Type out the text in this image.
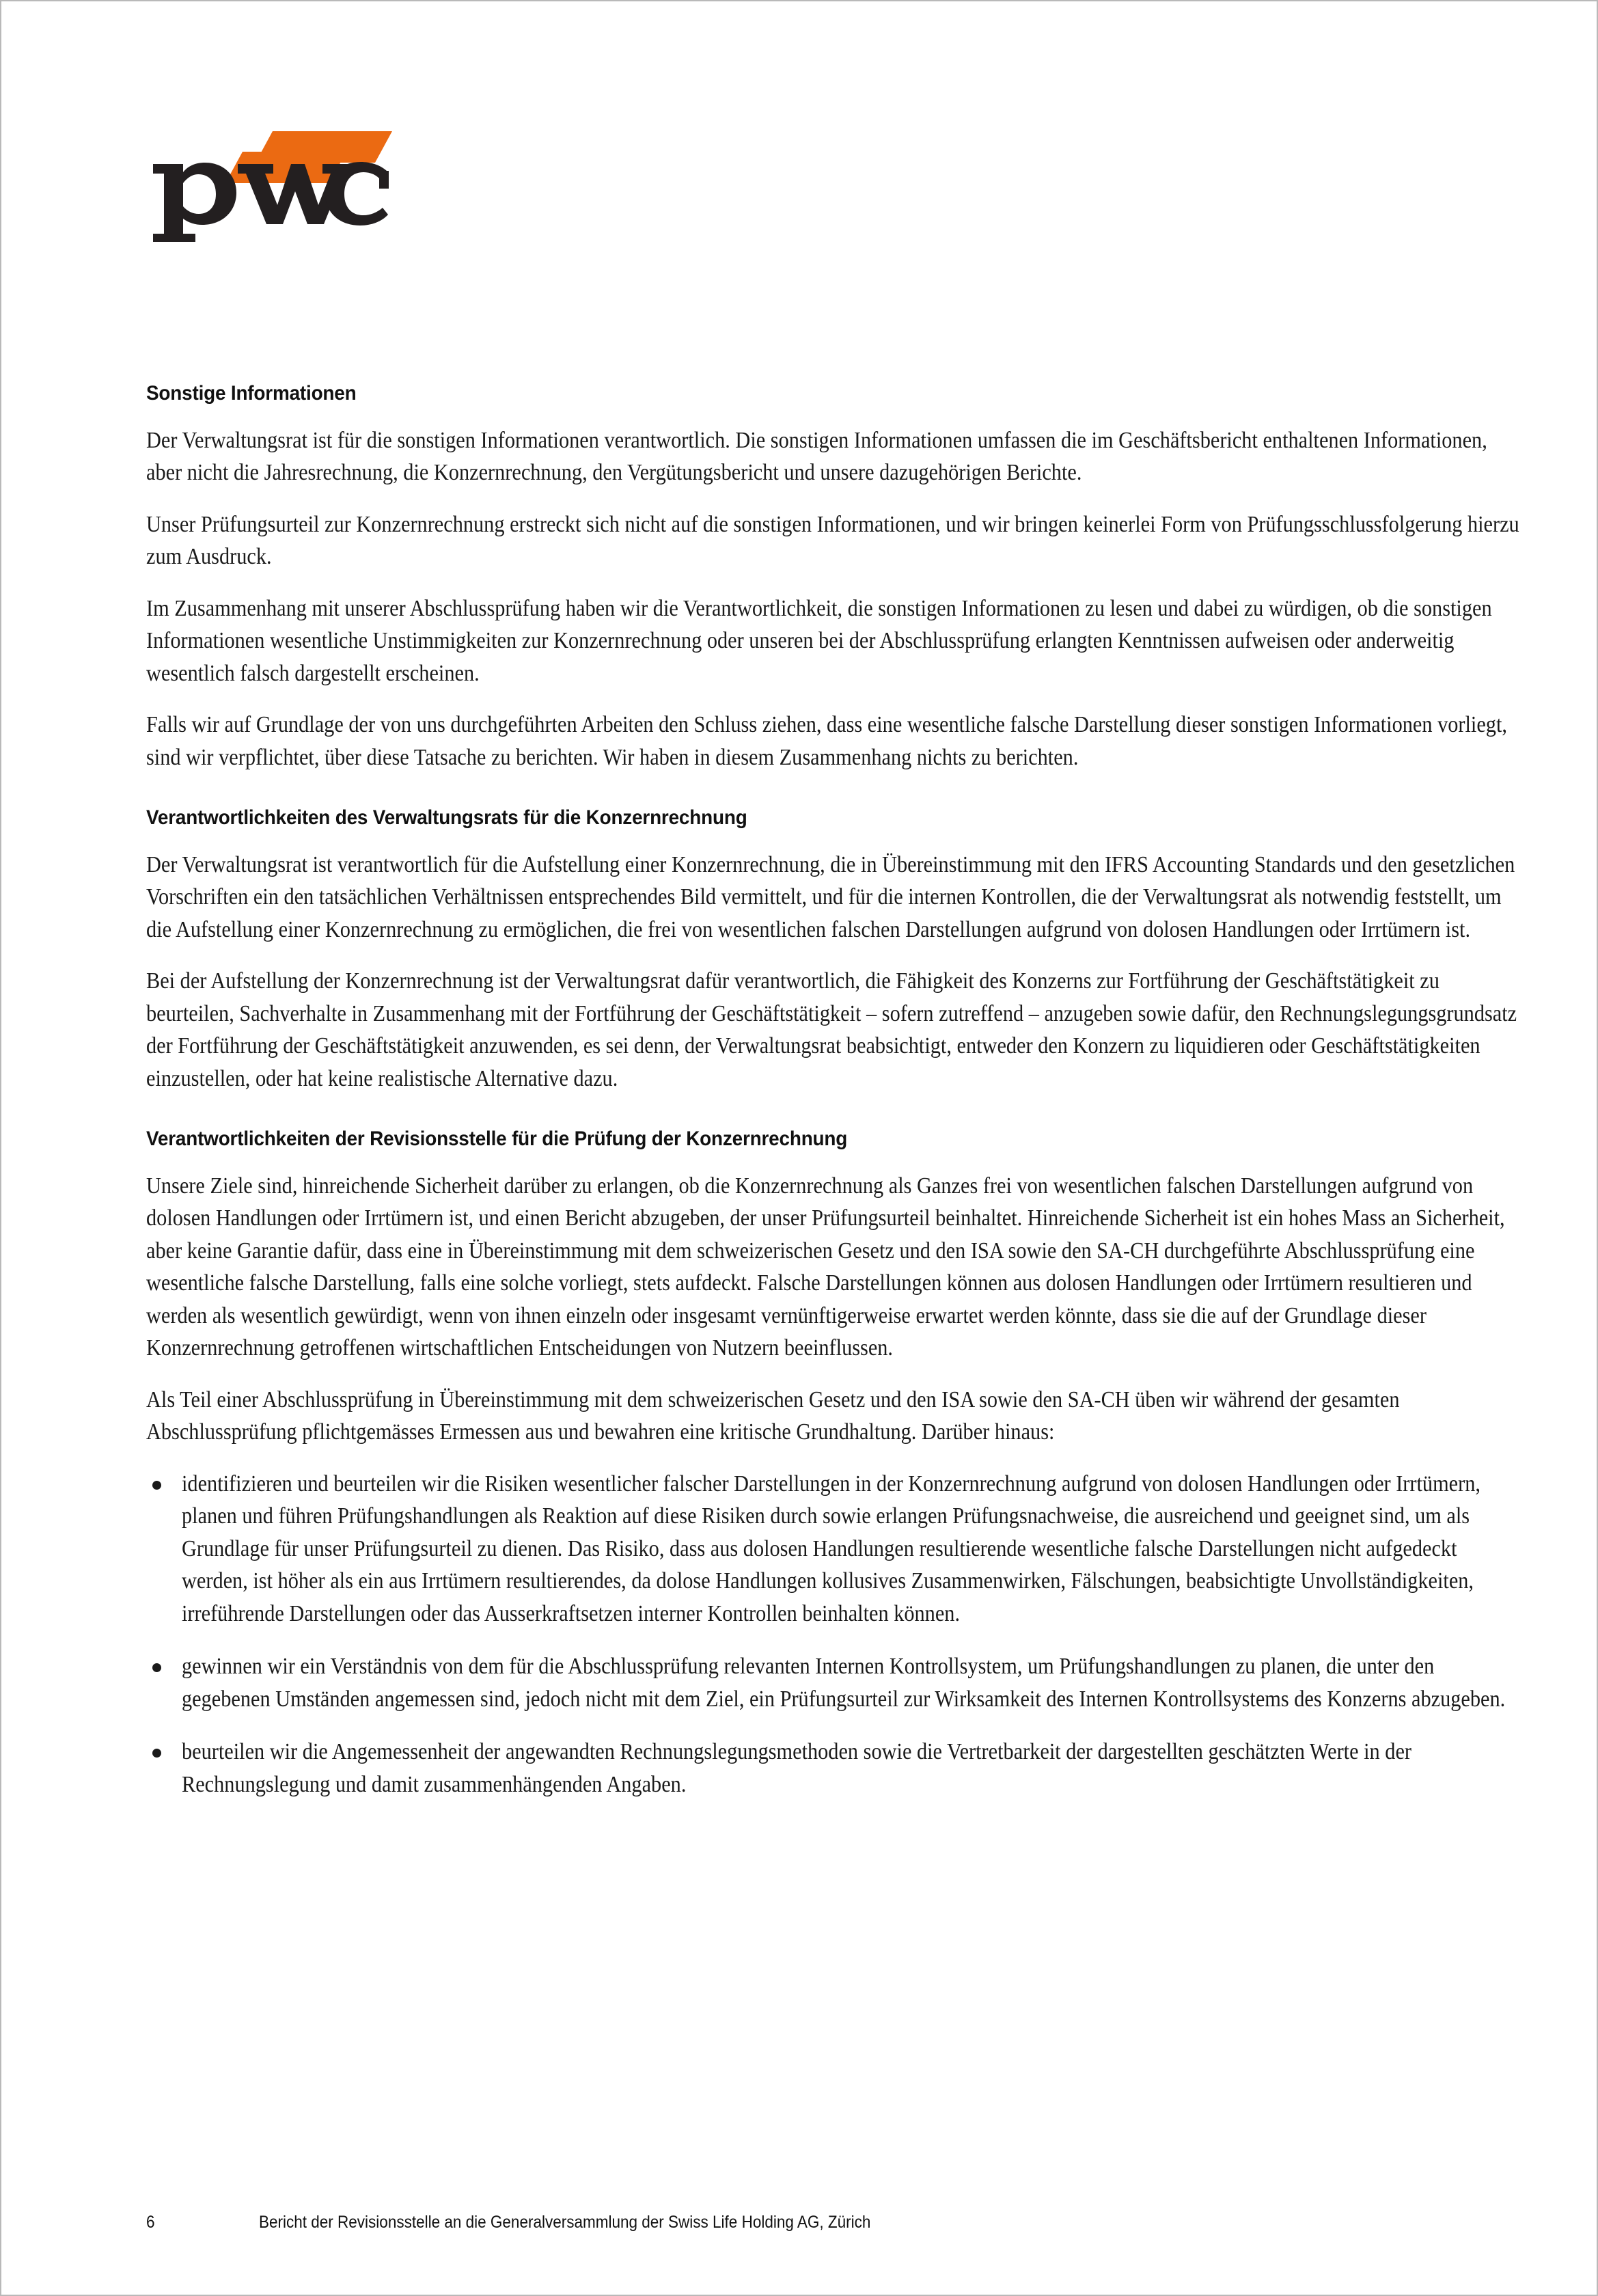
Sonstige Informationen

Der Verwaltungsrat ist für die sonstigen Informationen verantwortlich. Die sonstigen Informationen umfassen die im Geschäftsbericht enthaltenen Informationen, aber nicht die Jahresrechnung, die Konzernrechnung, den Vergütungsbericht und unsere dazugehörigen Berichte.

Unser Prüfungsurteil zur Konzernrechnung erstreckt sich nicht auf die sonstigen Informationen, und wir bringen keinerlei Form von Prüfungsschlussfolgerung hierzu zum Ausdruck.

Im Zusammenhang mit unserer Abschlussprüfung haben wir die Verantwortlichkeit, die sonstigen Informationen zu lesen und dabei zu würdigen, ob die sonstigen Informationen wesentliche Unstimmigkeiten zur Konzernrechnung oder unseren bei der Abschlussprüfung erlangten Kenntnissen aufweisen oder anderweitig wesentlich falsch dargestellt erscheinen.

Falls wir auf Grundlage der von uns durchgeführten Arbeiten den Schluss ziehen, dass eine wesentliche falsche Darstellung dieser sonstigen Informationen vorliegt, sind wir verpflichtet, über diese Tatsache zu berichten. Wir haben in diesem Zusammenhang nichts zu berichten.

Verantwortlichkeiten des Verwaltungsrats für die Konzernrechnung

Der Verwaltungsrat ist verantwortlich für die Aufstellung einer Konzernrechnung, die in Übereinstimmung mit den IFRS Accounting Standards und den gesetzlichen Vorschriften ein den tatsächlichen Verhältnissen entsprechendes Bild vermittelt, und für die internen Kontrollen, die der Verwaltungsrat als notwendig feststellt, um die Aufstellung einer Konzernrechnung zu ermöglichen, die frei von wesentlichen falschen Darstellungen aufgrund von dolosen Handlungen oder Irrtümern ist.

Bei der Aufstellung der Konzernrechnung ist der Verwaltungsrat dafür verantwortlich, die Fähigkeit des Konzerns zur Fortführung der Geschäftstätigkeit zu beurteilen, Sachverhalte in Zusammenhang mit der Fortführung der Geschäftstätigkeit – sofern zutreffend – anzugeben sowie dafür, den Rechnungslegungsgrundsatz der Fortführung der Geschäftstätigkeit anzuwenden, es sei denn, der Verwaltungsrat beabsichtigt, entweder den Konzern zu liquidieren oder Geschäftstätigkeiten einzustellen, oder hat keine realistische Alternative dazu.

Verantwortlichkeiten der Revisionsstelle für die Prüfung der Konzernrechnung

Unsere Ziele sind, hinreichende Sicherheit darüber zu erlangen, ob die Konzernrechnung als Ganzes frei von wesentlichen falschen Darstellungen aufgrund von dolosen Handlungen oder Irrtümern ist, und einen Bericht abzugeben, der unser Prüfungsurteil beinhaltet. Hinreichende Sicherheit ist ein hohes Mass an Sicherheit, aber keine Garantie dafür, dass eine in Übereinstimmung mit dem schweizerischen Gesetz und den ISA sowie den SA-CH durchgeführte Abschlussprüfung eine wesentliche falsche Darstellung, falls eine solche vorliegt, stets aufdeckt. Falsche Darstellungen können aus dolosen Handlungen oder Irrtümern resultieren und werden als wesentlich gewürdigt, wenn von ihnen einzeln oder insgesamt vernünftigerweise erwartet werden könnte, dass sie die auf der Grundlage dieser Konzernrechnung getroffenen wirtschaftlichen Entscheidungen von Nutzern beeinflussen.

Als Teil einer Abschlussprüfung in Übereinstimmung mit dem schweizerischen Gesetz und den ISA sowie den SA-CH üben wir während der gesamten Abschlussprüfung pflichtgemässes Ermessen aus und bewahren eine kritische Grundhaltung. Darüber hinaus:

identifizieren und beurteilen wir die Risiken wesentlicher falscher Darstellungen in der Konzernrechnung aufgrund von dolosen Handlungen oder Irrtümern, planen und führen Prüfungshandlungen als Reaktion auf diese Risiken durch sowie erlangen Prüfungsnachweise, die ausreichend und geeignet sind, um als Grundlage für unser Prüfungsurteil zu dienen. Das Risiko, dass aus dolosen Handlungen resultierende wesentliche falsche Darstellungen nicht aufgedeckt werden, ist höher als ein aus Irrtümern resultierendes, da dolose Handlungen kollusives Zusammenwirken, Fälschungen, beabsichtigte Unvollständigkeiten, irreführende Darstellungen oder das Ausserkraftsetzen interner Kontrollen beinhalten können.
gewinnen wir ein Verständnis von dem für die Abschlussprüfung relevanten Internen Kontrollsystem, um Prüfungshandlungen zu planen, die unter den gegebenen Umständen angemessen sind, jedoch nicht mit dem Ziel, ein Prüfungsurteil zur Wirksamkeit des Internen Kontrollsystems des Konzerns abzugeben.
beurteilen wir die Angemessenheit der angewandten Rechnungslegungsmethoden sowie die Vertretbarkeit der dargestellten geschätzten Werte in der Rechnungslegung und damit zusammenhängenden Angaben.
6	Bericht der Revisionsstelle an die Generalversammlung der Swiss Life Holding AG, Zürich
